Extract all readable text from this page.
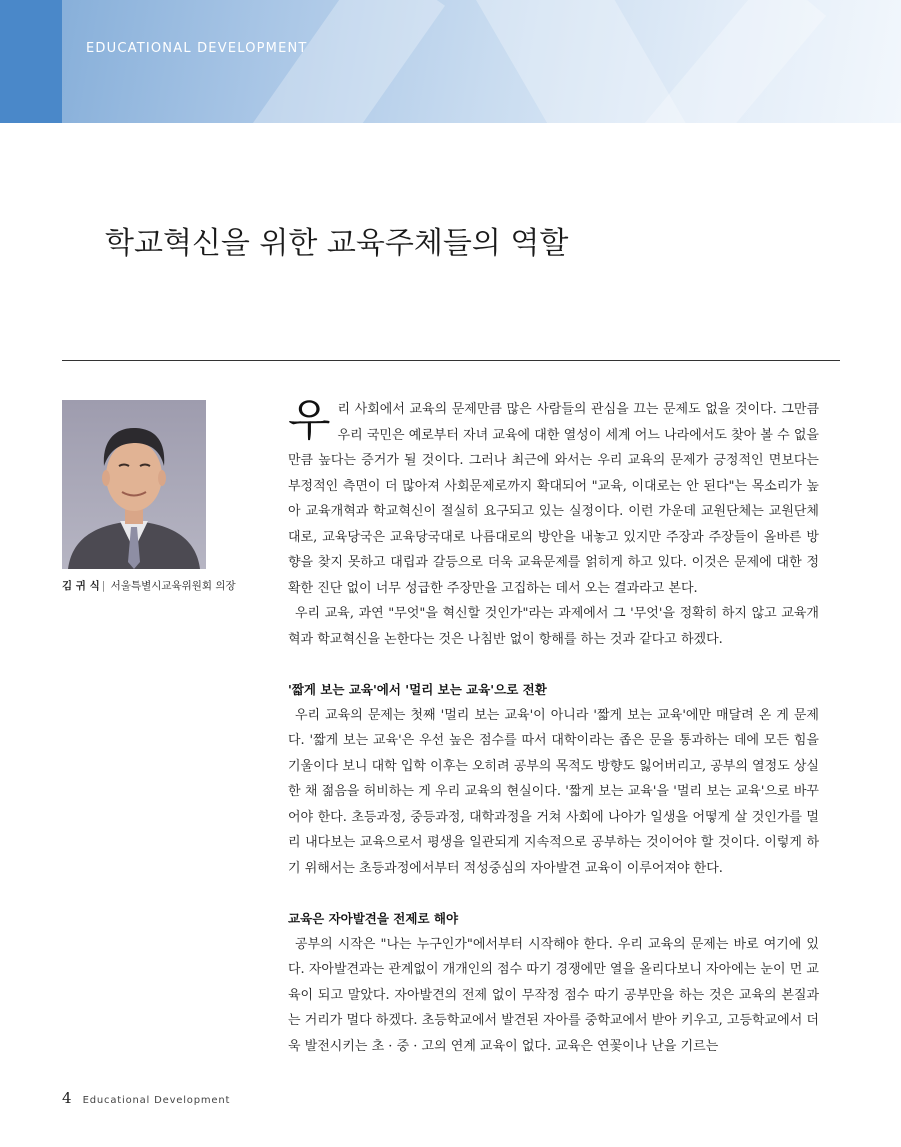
EDUCATIONAL DEVELOPMENT
학교혁신을 위한 교육주체들의 역할
김 귀 식 | 서울특별시교육위원회 의장

우리 사회에서 교육의 문제만큼 많은 사람들의 관심을 끄는 문제도 없을 것이다. 그만큼 우리 국민은 예로부터 자녀 교육에 대한 열성이 세계 어느 나라에서도 찾아 볼 수 없을 만큼 높다는 증거가 될 것이다. 그러나 최근에 와서는 우리 교육의 문제가 긍정적인 면보다는 부정적인 측면이 더 많아져 사회문제로까지 확대되어 "교육, 이대로는 안 된다"는 목소리가 높아 교육개혁과 학교혁신이 절실히 요구되고 있는 실정이다. 이런 가운데 교원단체는 교원단체대로, 교육당국은 교육당국대로 나름대로의 방안을 내놓고 있지만 주장과 주장들이 올바른 방향을 찾지 못하고 대립과 갈등으로 더욱 교육문제를 얽히게 하고 있다. 이것은 문제에 대한 정확한 진단 없이 너무 성급한 주장만을 고집하는 데서 오는 결과라고 본다.

우리 교육, 과연 "무엇"을 혁신할 것인가"라는 과제에서 그 '무엇'을 정확히 하지 않고 교육개혁과 학교혁신을 논한다는 것은 나침반 없이 항해를 하는 것과 같다고 하겠다.

'짧게 보는 교육'에서 '멀리 보는 교육'으로 전환

우리 교육의 문제는 첫째 '멀리 보는 교육'이 아니라 '짧게 보는 교육'에만 매달려 온 게 문제다. '짧게 보는 교육'은 우선 높은 점수를 따서 대학이라는 좁은 문을 통과하는 데에 모든 힘을 기울이다 보니 대학 입학 이후는 오히려 공부의 목적도 방향도 잃어버리고, 공부의 열정도 상실한 채 젊음을 허비하는 게 우리 교육의 현실이다. '짧게 보는 교육'을 '멀리 보는 교육'으로 바꾸어야 한다. 초등과정, 중등과정, 대학과정을 거쳐 사회에 나아가 일생을 어떻게 살 것인가를 멀리 내다보는 교육으로서 평생을 일관되게 지속적으로 공부하는 것이어야 할 것이다. 이렇게 하기 위해서는 초등과정에서부터 적성중심의 자아발견 교육이 이루어져야 한다.

교육은 자아발견을 전제로 해야

공부의 시작은 "나는 누구인가"에서부터 시작해야 한다. 우리 교육의 문제는 바로 여기에 있다. 자아발견과는 관계없이 개개인의 점수 따기 경쟁에만 열을 올리다보니 자아에는 눈이 먼 교육이 되고 말았다. 자아발견의 전제 없이 무작정 점수 따기 공부만을 하는 것은 교육의 본질과는 거리가 멀다 하겠다. 초등학교에서 발견된 자아를 중학교에서 받아 키우고, 고등학교에서 더욱 발전시키는 초 · 중 · 고의 연계 교육이 없다. 교육은 연꽃이나 난을 기르는

4 Educational Development
